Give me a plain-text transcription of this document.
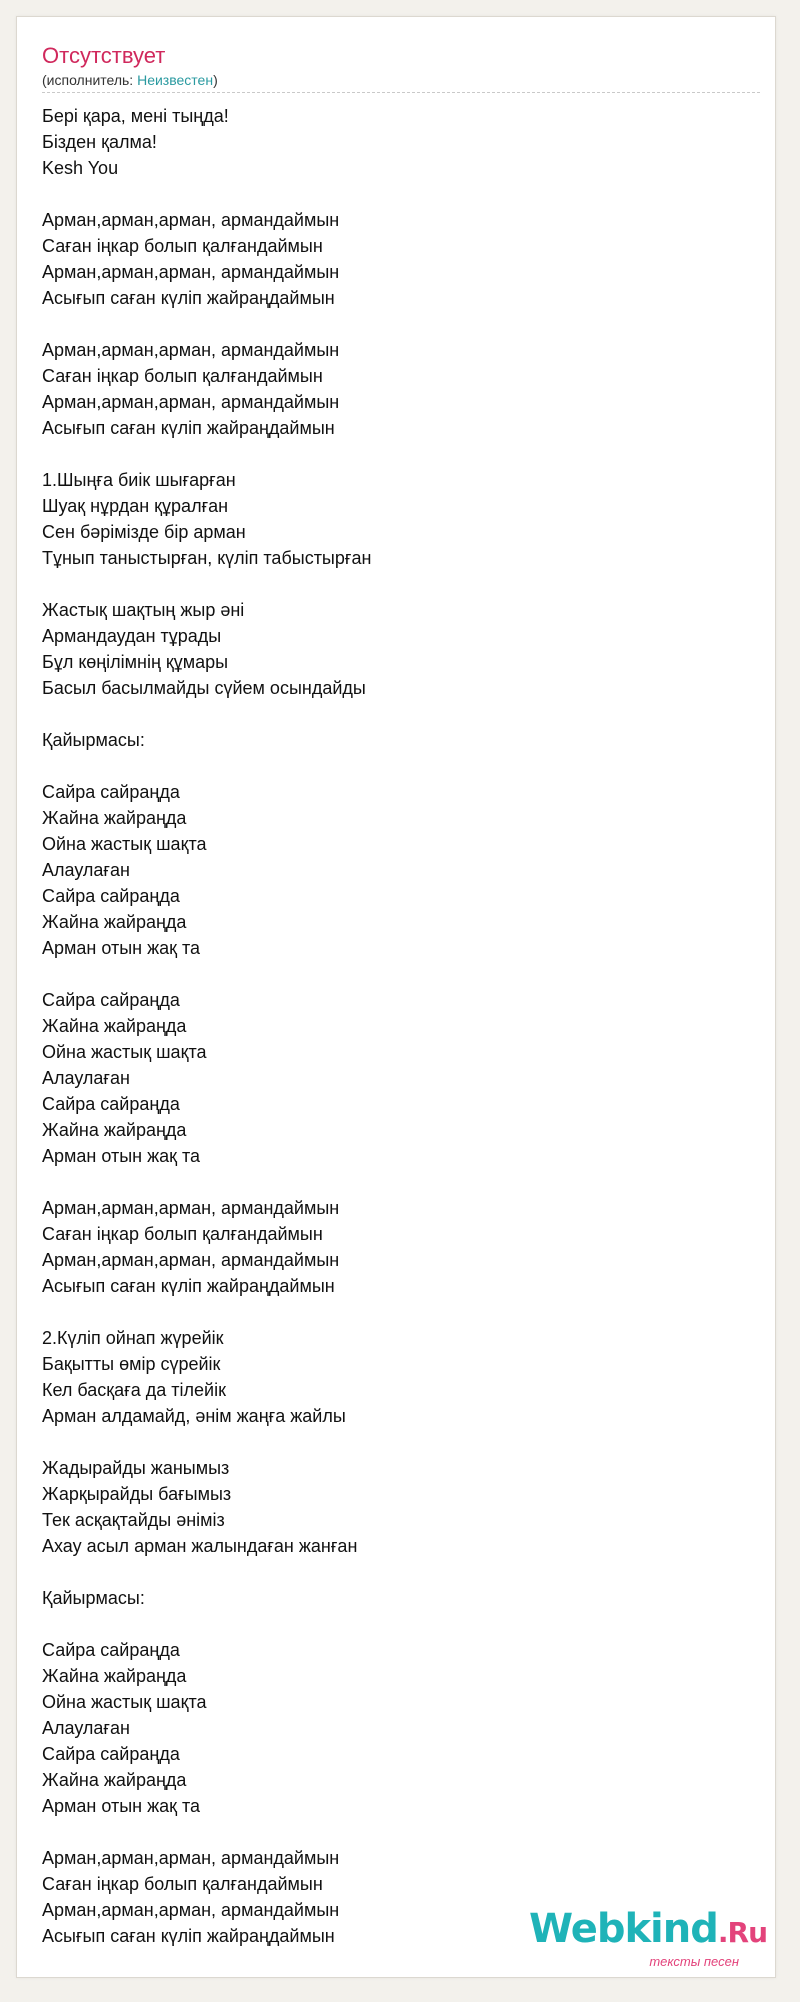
Отсутствует
(исполнитель: Неизвестен)
Бері қара, мені тыңда!
Бізден қалма!
Kesh You

Арман,арман,арман, армандаймын
Саған іңкар болып қалғандаймын
Арман,арман,арман, армандаймын
Асығып саған күліп жайраңдаймын

Арман,арман,арман, армандаймын
Саған іңкар болып қалғандаймын
Арман,арман,арман, армандаймын
Асығып саған күліп жайраңдаймын

1.Шыңға биік шығарған
Шуақ нұрдан құралған
Сен бәрімізде бір арман
Тұнып таныстырған, күліп табыстырған

Жастық шақтың жыр әні
Армандаудан тұрады
Бұл көңілімнің құмары
Басыл басылмайды сүйем осындайды

Қайырмасы:

Сайра сайраңда
Жайна жайраңда
Ойна жастық шақта
Алаулаған
Сайра сайраңда
Жайна жайраңда
Арман отын жақ та

Сайра сайраңда
Жайна жайраңда
Ойна жастық шақта
Алаулаған
Сайра сайраңда
Жайна жайраңда
Арман отын жақ та

Арман,арман,арман, армандаймын
Саған іңкар болып қалғандаймын
Арман,арман,арман, армандаймын
Асығып саған күліп жайраңдаймын

2.Күліп ойнап жүрейік
Бақытты өмір сүрейік
Кел басқаға да тілейік
Арман алдамайд, әнім жаңға жайлы

Жадырайды жанымыз
Жарқырайды бағымыз
Тек асқақтайды әніміз
Ахау асыл арман жалындаған жанған

Қайырмасы:

Сайра сайраңда
Жайна жайраңда
Ойна жастық шақта
Алаулаған
Сайра сайраңда
Жайна жайраңда
Арман отын жақ та

Арман,арман,арман, армандаймын
Саған іңкар болып қалғандаймын
Арман,арман,арман, армандаймын
Асығып саған күліп жайраңдаймын	Webkind.Ru
тексты песен
